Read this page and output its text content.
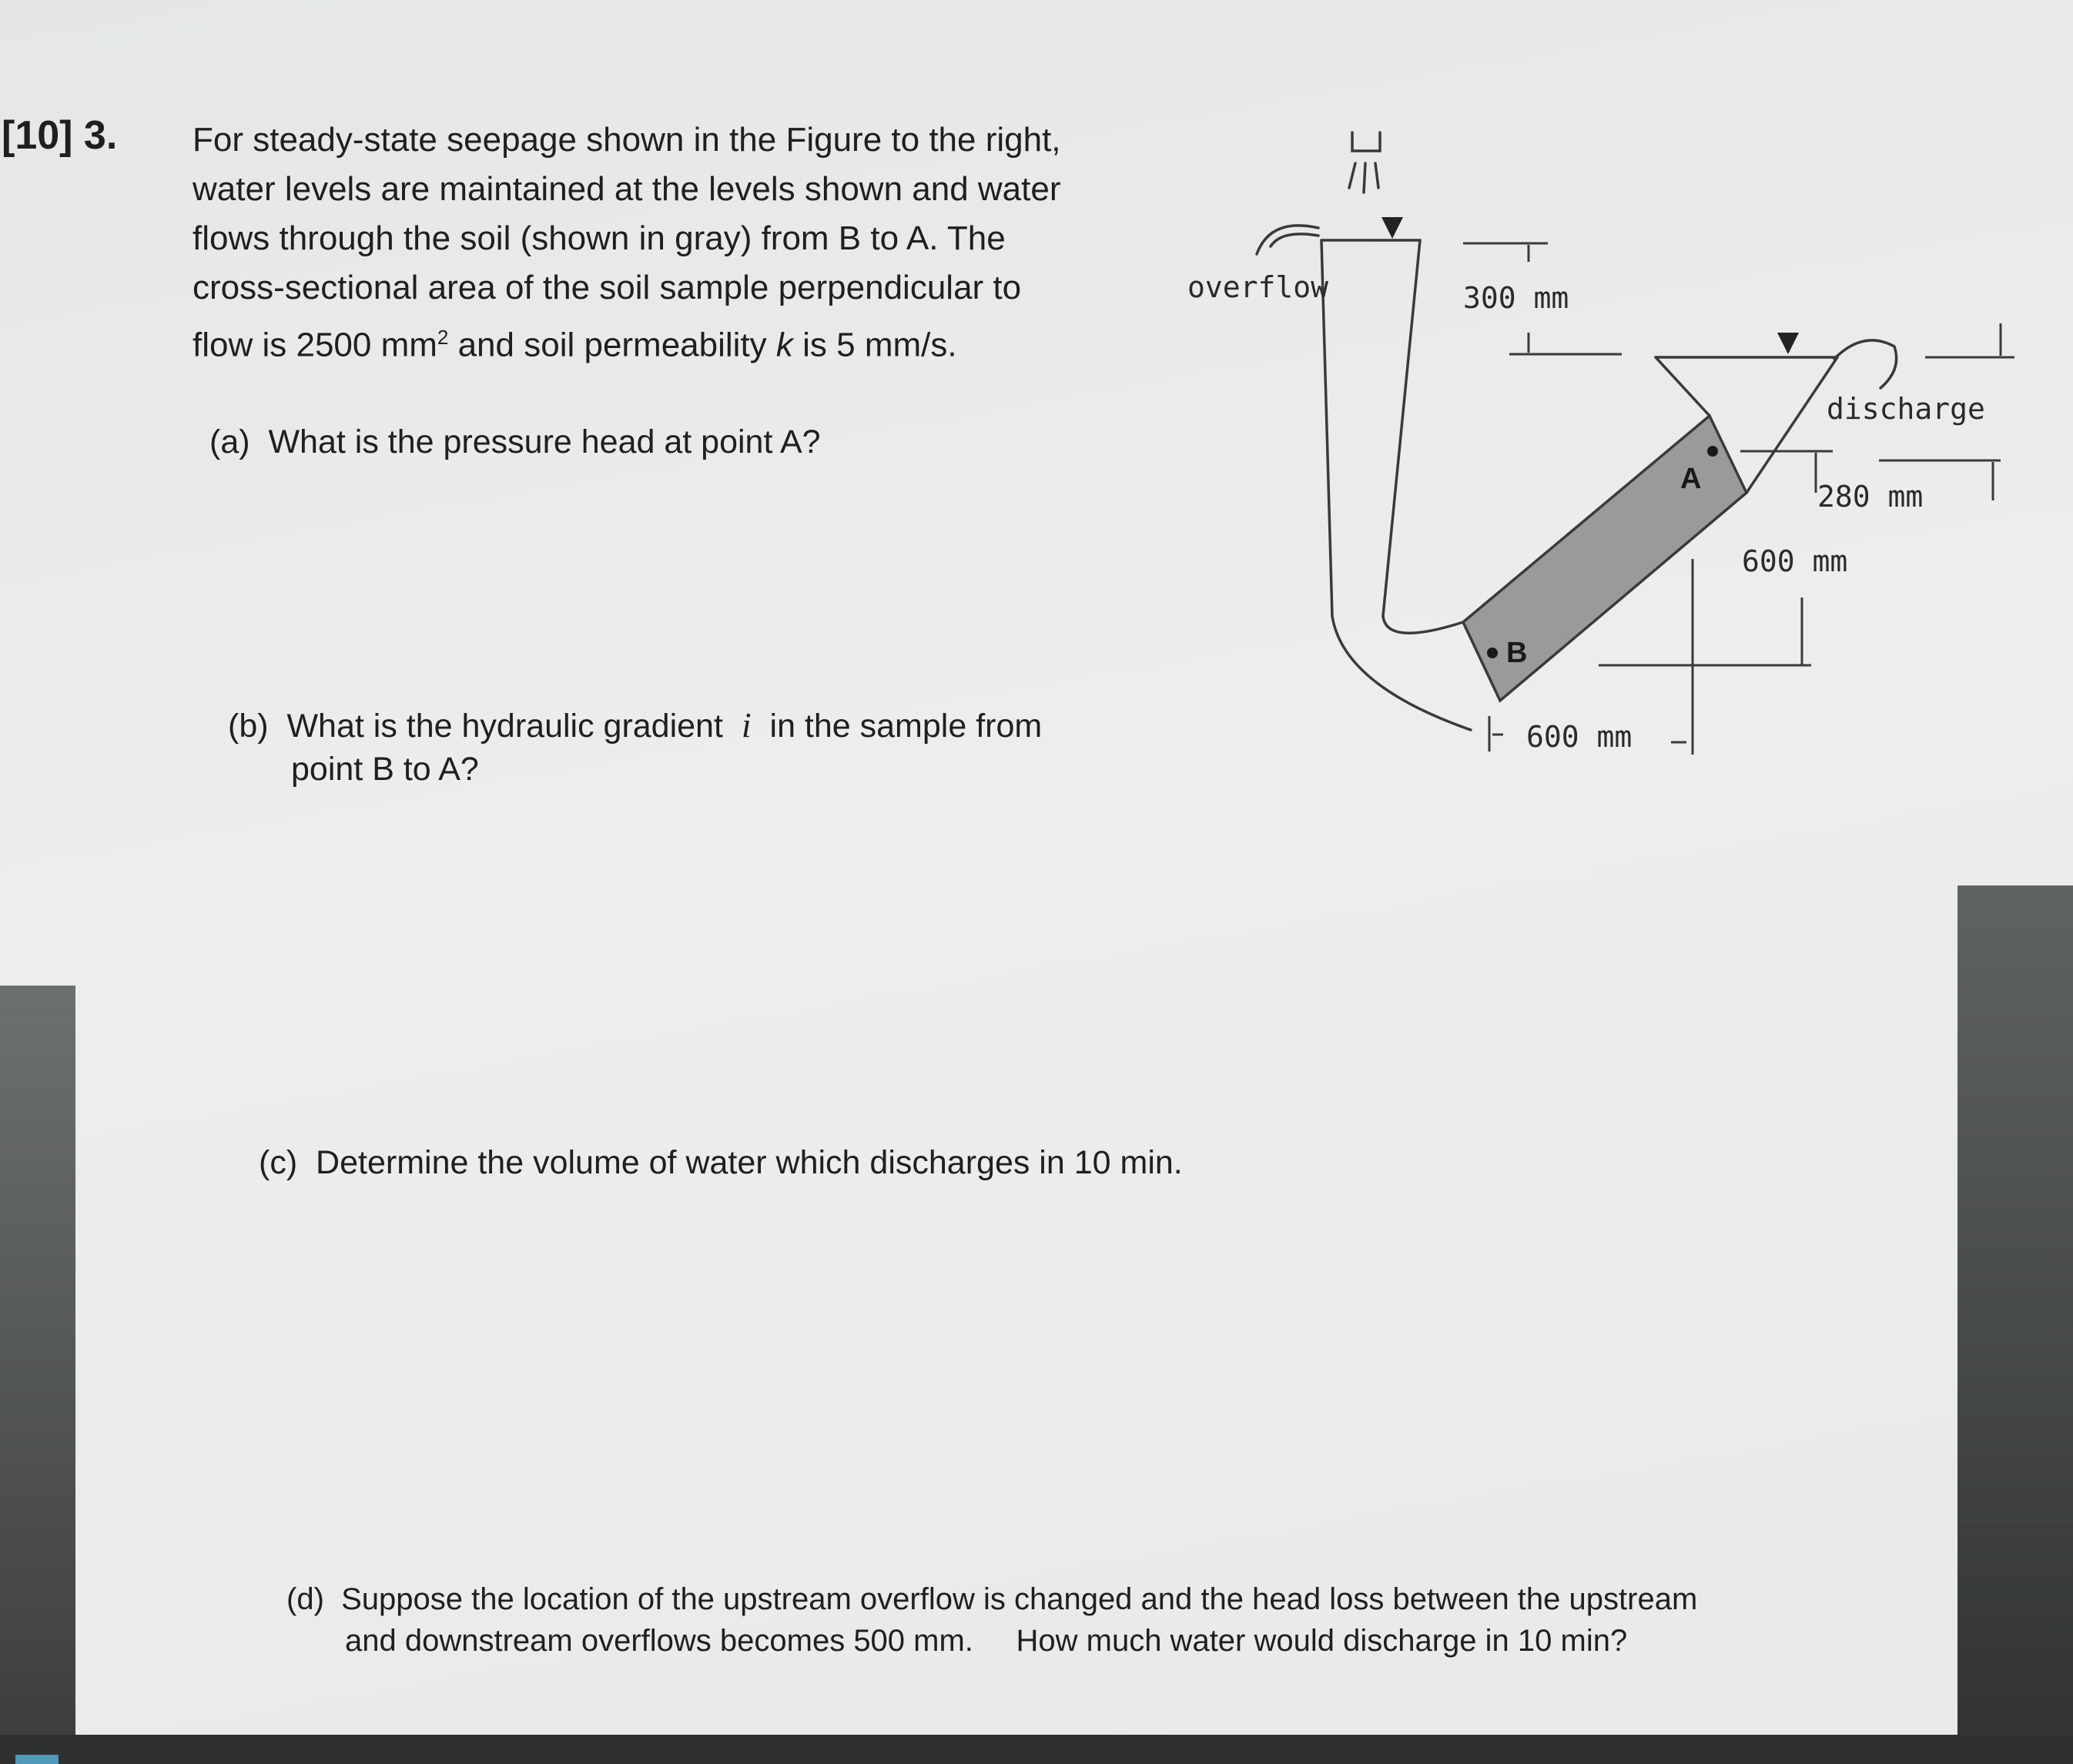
[10] 3. For steady-state seepage shown in the Figure to the right,
water levels are maintained at the levels shown and water
flows through the soil (shown in gray) from B to A. The
cross-sectional area of the soil sample perpendicular to
flow is 2500 $mm^2$ and soil permeability k is 5 mm/s.
(a) What is the pressure head at point A?
(b) What is the hydraulic gradient  i  in the sample from
point B to A?
(c) Determine the volume of water which discharges in 10 min.
(d) Suppose the location of the upstream overflow is changed and the head loss between the upstream
and downstream overflows becomes 500 mm. How much water would discharge in 10 min?
A
B
overflow	300 mm
discharge
280 mm
600 mm
600 mm
